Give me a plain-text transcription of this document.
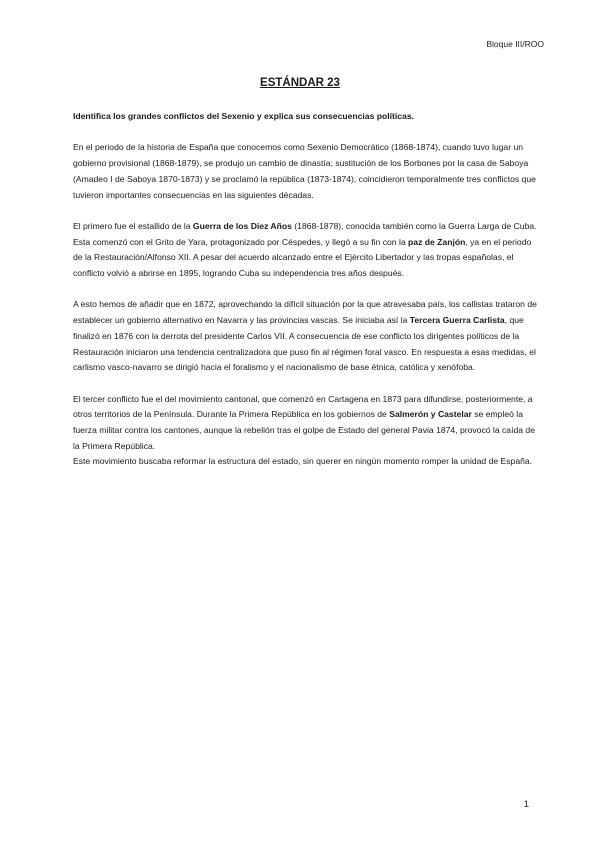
Bloque III/ROO
ESTÁNDAR 23

Identifica los grandes conflictos del Sexenio y explica sus consecuencias políticas.

En el periodo de la historia de España que conocemos como Sexenio Democrático (1868-1874), cuando tuvo lugar un gobierno provisional (1868-1879), se produjo un cambio de dinastía; sustitución de los Borbones por la casa de Saboya (Amadeo I de Saboya 1870-1873) y se proclamó la república (1873-1874), coincidieron temporalmente tres conflictos que tuvieron importantes consecuencias en las siguientes décadas.

El primero fue el estallido de la Guerra de los Diez Años (1868-1878), conocida también como la Guerra Larga de Cuba. Esta comenzó con el Grito de Yara, protagonizado por Céspedes, y llegó a su fin con la paz de Zanjón, ya en el periodo de la Restauración/Alfonso XII. A pesar del acuerdo alcanzado entre el Ejército Libertador y las tropas españolas, el conflicto volvió a abrirse en 1895, logrando Cuba su independencia tres años después.

A esto hemos de añadir que en 1872, aprovechando la difícil situación por la que atravesaba país, los callistas trataron de establecer un gobierno alternativo en Navarra y las provincias vascas. Se iniciaba así la Tercera Guerra Carlista, que finalizó en 1876 con la derrota del presidente Carlos VII. A consecuencia de ese conflicto los dirigentes políticos de la Restauración iniciaron una tendencia centralizadora que puso fin al régimen foral vasco. En respuesta a esas medidas, el carlismo vasco-navarro se dirigió hacia el foralismo y el nacionalismo de base étnica, católica y xenófoba.

El tercer conflicto fue el del movimiento cantonal, que comenzó en Cartagena en 1873 para difundirse, posteriormente, a otros territorios de la Península. Durante la Primera República en los gobiernos de Salmerón y Castelar se empleó la fuerza militar contra los cantones, aunque la rebelión tras el golpe de Estado del general Pavia 1874, provocó la caída de la Primera República.

Este movimiento buscaba reformar la estructura del estado, sin querer en ningún momento romper la unidad de España.

1
